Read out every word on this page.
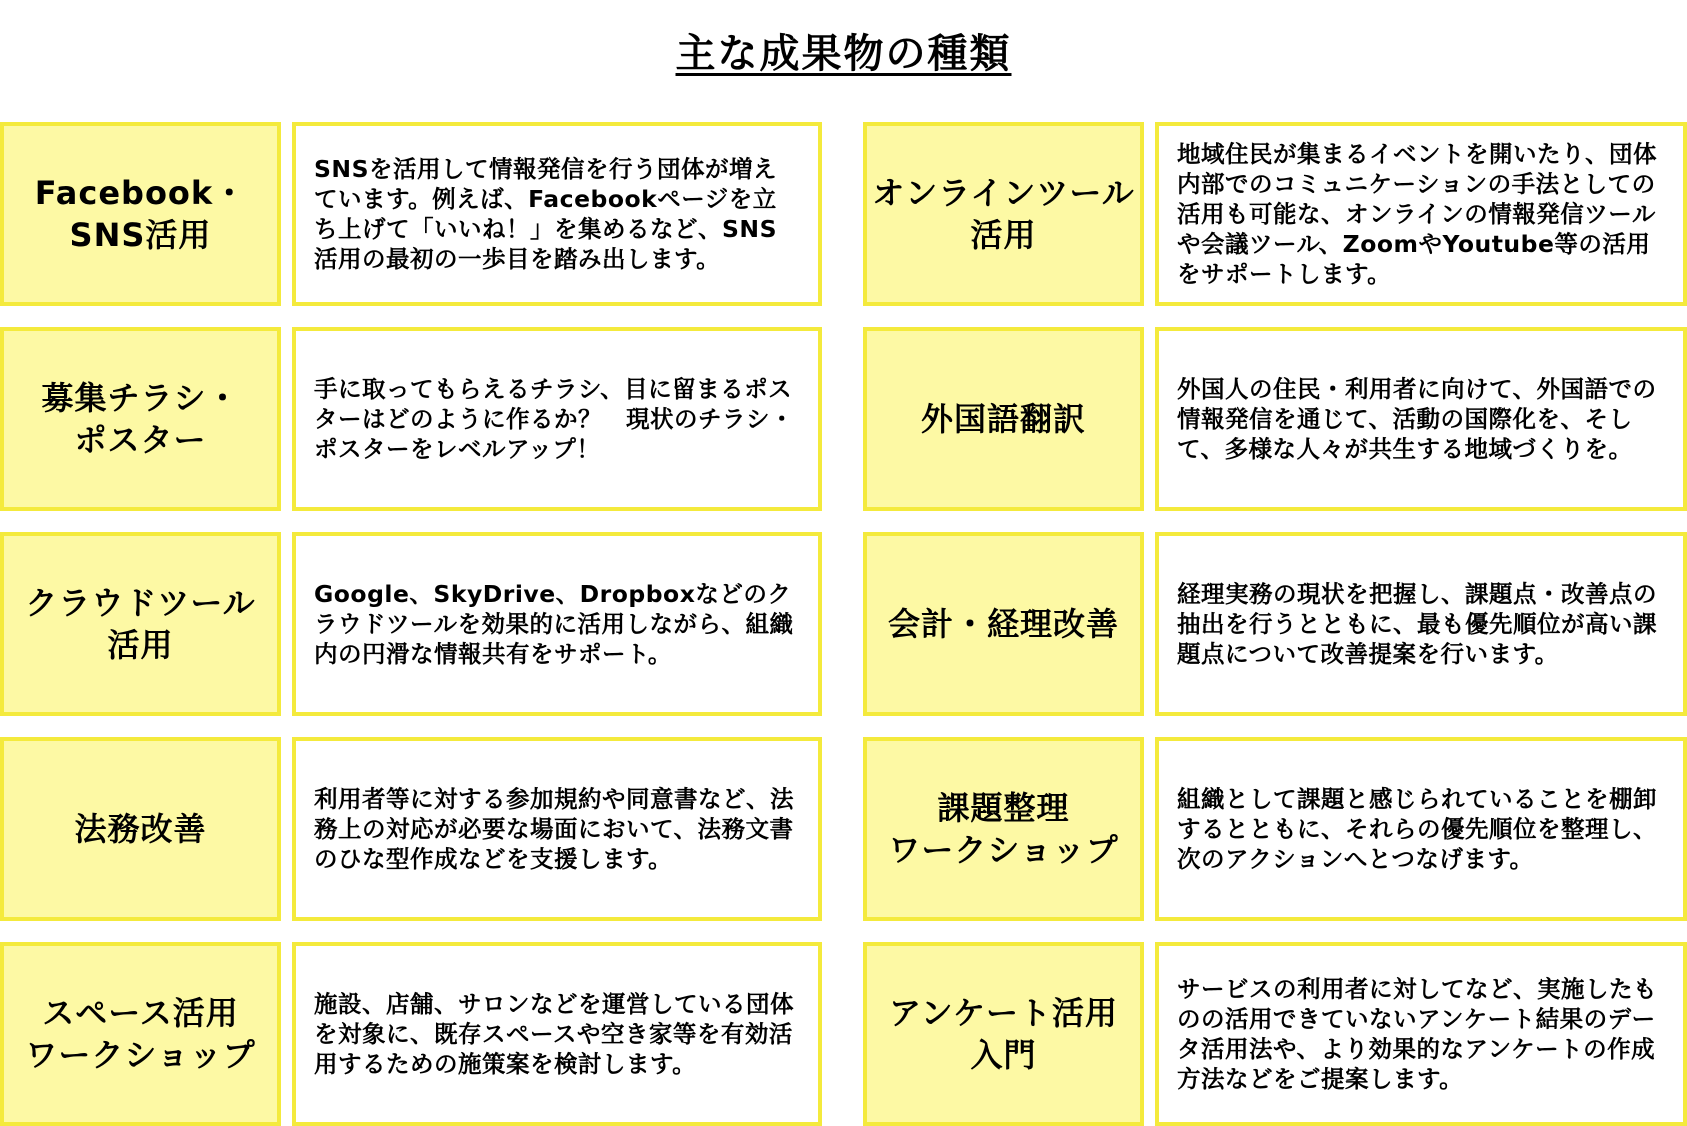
主な成果物の種類
Facebook・
SNS活用
SNSを活用して情報発信を行う団体が増えています。例えば、Facebookページを立ち上げて「いいね！」を集めるなど、SNS活用の最初の一歩目を踏み出します。
オンラインツール
活用
地域住民が集まるイベントを開いたり、団体内部でのコミュニケーションの手法としての活用も可能な、オンラインの情報発信ツールや会議ツール、ZoomやYoutube等の活用をサポートします。
募集チラシ・
ポスター
手に取ってもらえるチラシ、目に留まるポスターはどのように作るか？　現状のチラシ・ポスターをレベルアップ！
外国語翻訳
外国人の住民・利用者に向けて、外国語での情報発信を通じて、活動の国際化を、そして、多様な人々が共生する地域づくりを。
クラウドツール
活用
Google、SkyDrive、Dropboxなどのクラウドツールを効果的に活用しながら、組織内の円滑な情報共有をサポート。
会計・経理改善
経理実務の現状を把握し、課題点・改善点の抽出を行うとともに、最も優先順位が高い課題点について改善提案を行います。
法務改善
利用者等に対する参加規約や同意書など、法務上の対応が必要な場面において、法務文書のひな型作成などを支援します。
課題整理
ワークショップ
組織として課題と感じられていることを棚卸するとともに、それらの優先順位を整理し、次のアクションへとつなげます。
スペース活用
ワークショップ
施設、店舗、サロンなどを運営している団体を対象に、既存スペースや空き家等を有効活用するための施策案を検討します。
アンケート活用
入門
サービスの利用者に対してなど、実施したものの活用できていないアンケート結果のデータ活用法や、より効果的なアンケートの作成方法などをご提案します。
